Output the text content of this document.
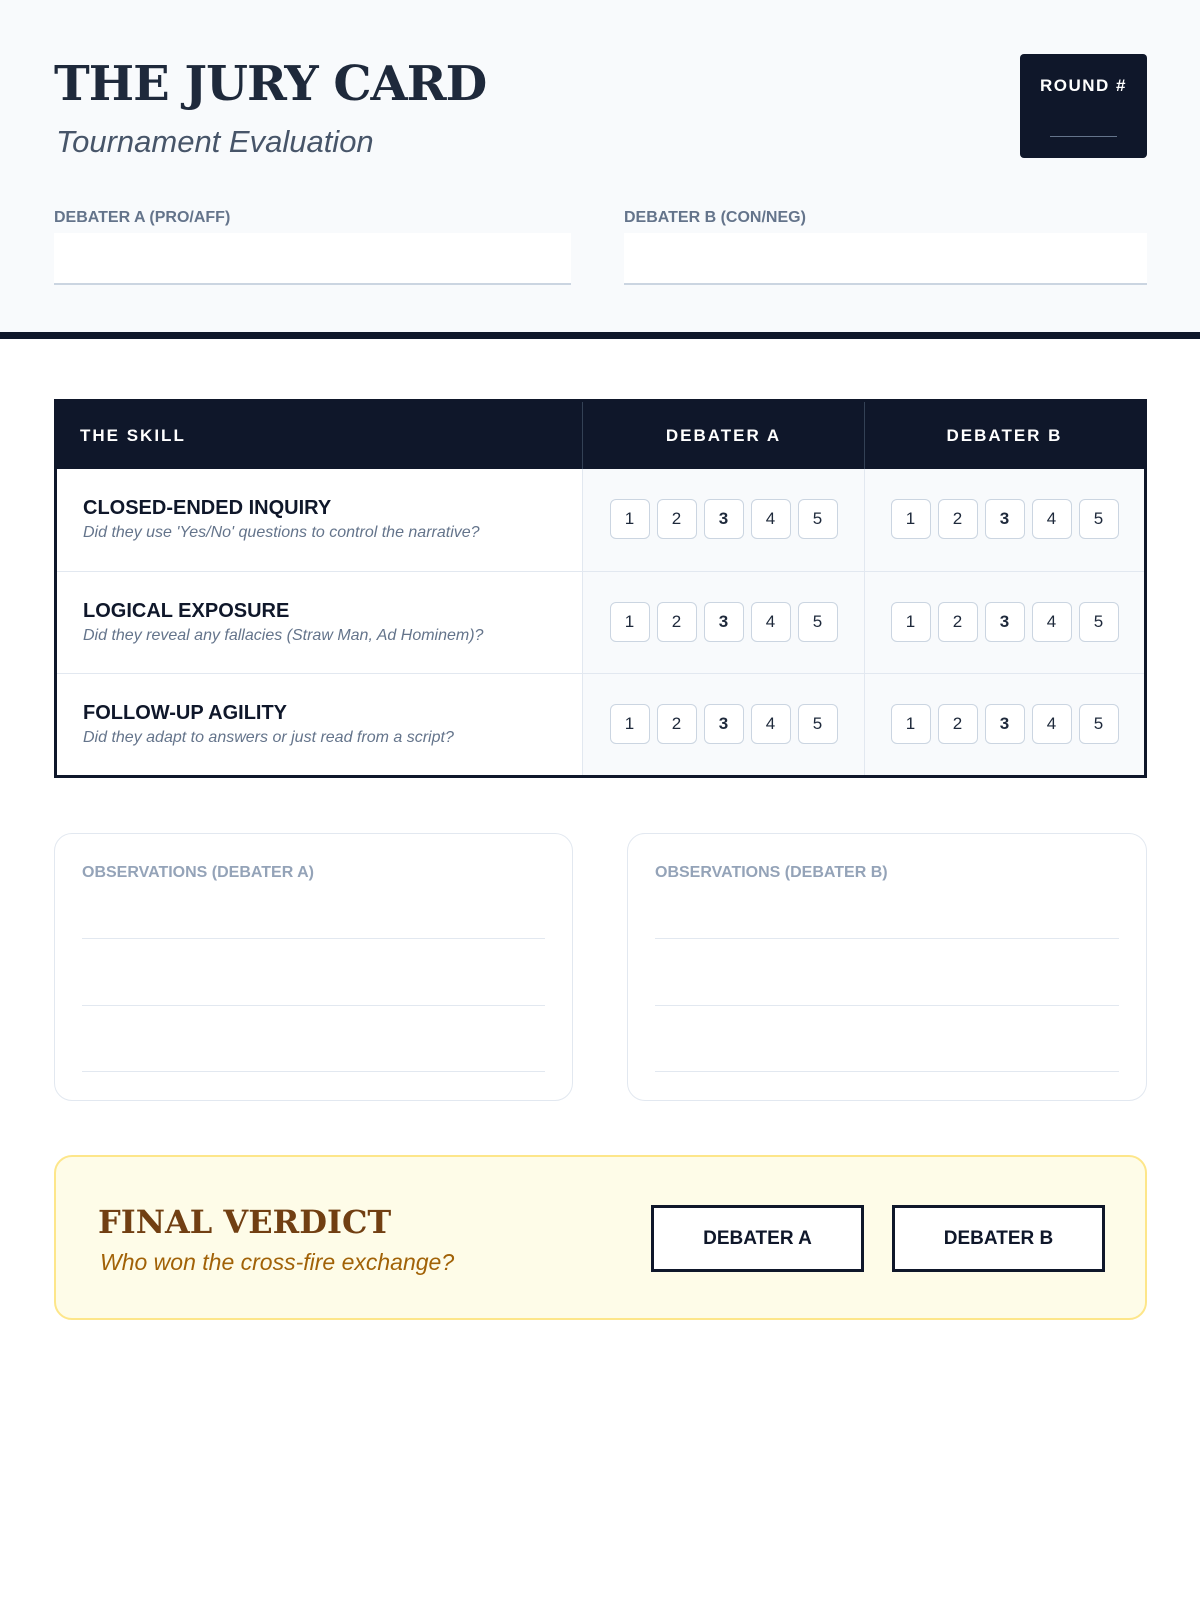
THE JURY CARD
Tournament Evaluation
ROUND #
DEBATER A (PRO/AFF)	DEBATER B (CON/NEG)
THE SKILL	DEBATER A	DEBATER B
CLOSED-ENDED INQUIRY
Did they use 'Yes/No' questions to control the narrative?
1	2	3	4	5	1	2	3	4	5
LOGICAL EXPOSURE
Did they reveal any fallacies (Straw Man, Ad Hominem)?
1	2	3	4	5	1	2	3	4	5
FOLLOW-UP AGILITY
Did they adapt to answers or just read from a script?
1	2	3	4	5	1	2	3	4	5
OBSERVATIONS (DEBATER A)	OBSERVATIONS (DEBATER B)
FINAL VERDICT
Who won the cross-fire exchange?
DEBATER A	DEBATER B
